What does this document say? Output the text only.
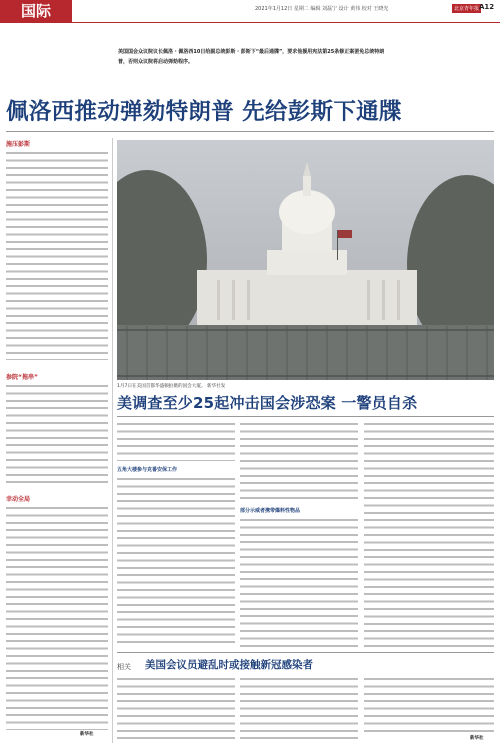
国际	2021年1月12日 星期二 编辑 刘磊宁 设计 黄伟 校对 王晓光	北京青年报 A12
美国国会众议院议长佩洛 · 佩洛西10日给副总统彭斯 · 彭斯下“最后通牒”，要求他援用宪法第25条修正案罢免总统特朗普，否则众议院将启动弹劾程序。
佩洛西推动弹劾特朗普 先给彭斯下通牒
施压彭斯
参院“拖串”
幸动全局
新华社
1月7日在美国首都华盛顿拍摄的国会大厦。 新华社发
美调查至少25起冲击国会涉恐案 一警员自杀
五角大楼参与克番安保工作
部分示威者携带爆料性物品
相关 美国会议员避乱时或接触新冠感染者
新华社
